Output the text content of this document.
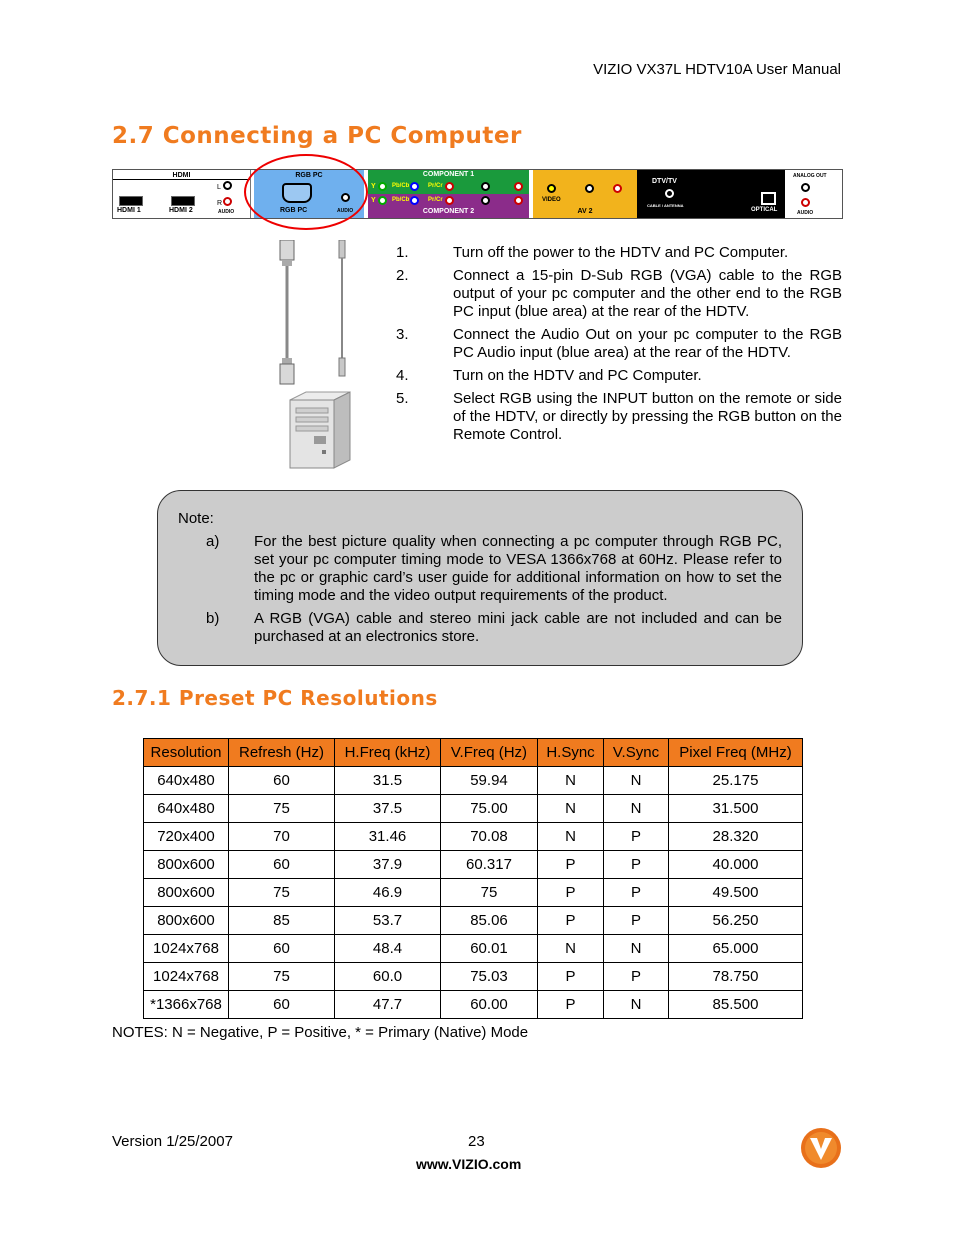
VIZIO VX37L HDTV10A User Manual
2.7 Connecting a PC Computer
HDMI
HDMI 1	HDMI 2
L
R
AUDIO
RGB PC
RGB PC	AUDIO
COMPONENT 1
COMPONENT 2
Y	Pb/Cb	Pr/Cr
Y	Pb/Cb	Pr/Cr	VIDEO
AV 2
DTV/TV
CABLE / ANTENNA
OPTICAL
ANALOG OUT
AUDIO
1.	Turn off the power to the HDTV and PC Computer.
2.	Connect a 15-pin D-Sub RGB (VGA) cable to the RGB output of your pc computer and the other end to the RGB PC input (blue area) at the rear of the HDTV.
3.	Connect the Audio Out on your pc computer to the RGB PC Audio input (blue area) at the rear of the HDTV.
4.	Turn on the HDTV and PC Computer.
5.	Select RGB using the INPUT button on the remote or side of the HDTV, or directly by pressing the RGB button on the Remote Control.
Note:
a)	For the best picture quality when connecting a pc computer through RGB PC, set your pc computer timing mode to VESA 1366x768 at 60Hz. Please refer to the pc or graphic card’s user guide for additional information on how to set the timing mode and the video output requirements of the product.
b)	A RGB (VGA) cable and stereo mini jack cable are not included and can be purchased at an electronics store.
2.7.1 Preset PC Resolutions
Resolution	Refresh (Hz)	H.Freq (kHz)	V.Freq (Hz)	H.Sync	V.Sync	Pixel Freq (MHz)
640x480	60	31.5	59.94	N	N	25.175
640x480	75	37.5	75.00	N	N	31.500
720x400	70	31.46	70.08	N	P	28.320
800x600	60	37.9	60.317	P	P	40.000
800x600	75	46.9	75	P	P	49.500
800x600	85	53.7	85.06	P	P	56.250
1024x768	60	48.4	60.01	N	N	65.000
1024x768	75	60.0	75.03	P	P	78.750
*1366x768	60	47.7	60.00	P	N	85.500
NOTES: N = Negative, P = Positive, * = Primary (Native) Mode
Version 1/25/2007	23
www.VIZIO.com
